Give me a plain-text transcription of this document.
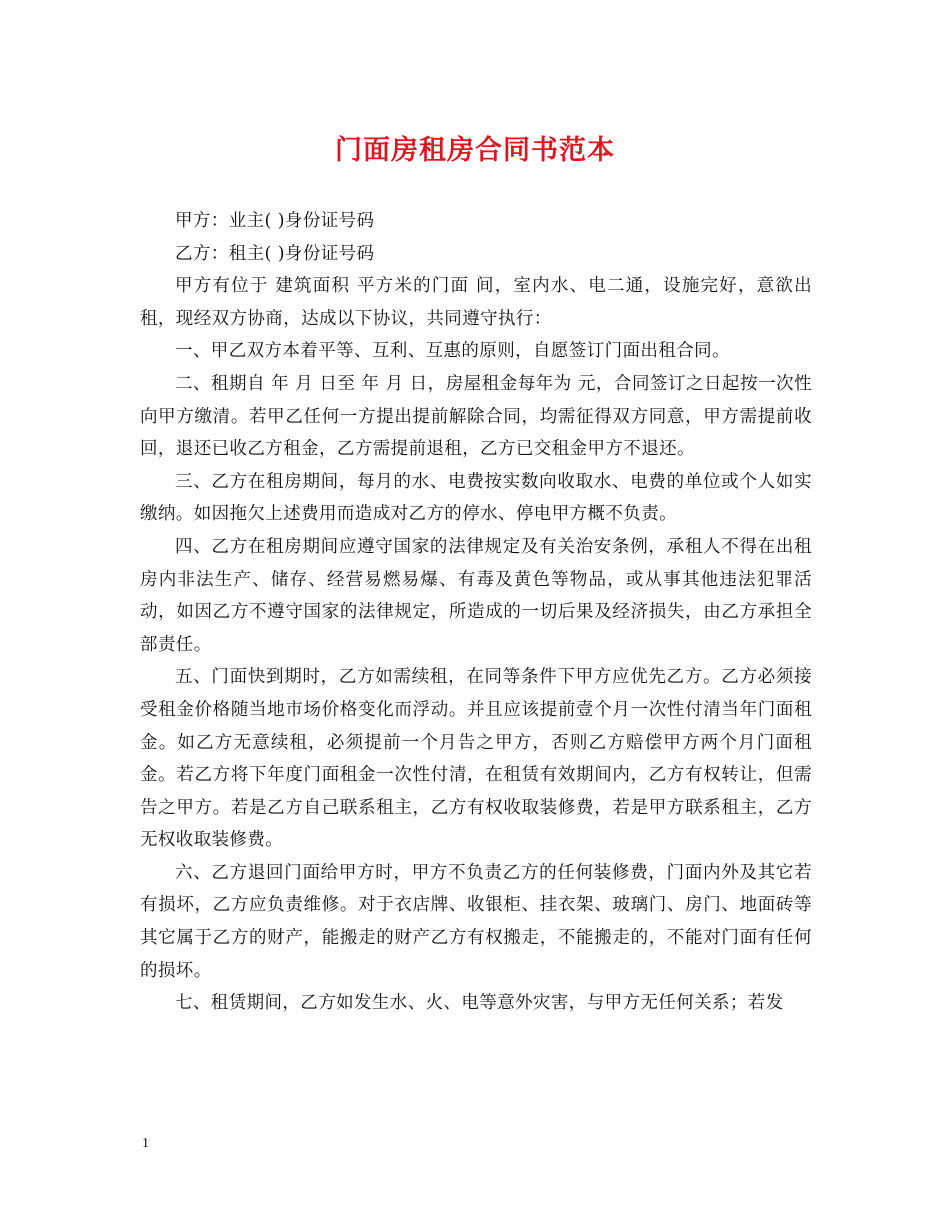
门面房租房合同书范本

甲方：业主( )身份证号码

乙方：租主( )身份证号码

甲方有位于 建筑面积 平方米的门面 间，室内水、电二通，设施完好，意欲出租，现经双方协商，达成以下协议，共同遵守执行：

一、甲乙双方本着平等、互利、互惠的原则，自愿签订门面出租合同。

二、租期自 年 月 日至 年 月 日，房屋租金每年为 元，合同签订之日起按一次性向甲方缴清。若甲乙任何一方提出提前解除合同，均需征得双方同意，甲方需提前收回，退还已收乙方租金，乙方需提前退租，乙方已交租金甲方不退还。

三、乙方在租房期间，每月的水、电费按实数向收取水、电费的单位或个人如实缴纳。如因拖欠上述费用而造成对乙方的停水、停电甲方概不负责。

四、乙方在租房期间应遵守国家的法律规定及有关治安条例，承租人不得在出租房内非法生产、储存、经营易燃易爆、有毒及黄色等物品，或从事其他违法犯罪活动，如因乙方不遵守国家的法律规定，所造成的一切后果及经济损失，由乙方承担全部责任。

五、门面快到期时，乙方如需续租，在同等条件下甲方应优先乙方。乙方必须接受租金价格随当地市场价格变化而浮动。并且应该提前壹个月一次性付清当年门面租金。如乙方无意续租，必须提前一个月告之甲方，否则乙方赔偿甲方两个月门面租金。若乙方将下年度门面租金一次性付清，在租赁有效期间内，乙方有权转让，但需告之甲方。若是乙方自己联系租主，乙方有权收取装修费，若是甲方联系租主，乙方无权收取装修费。

六、乙方退回门面给甲方时，甲方不负责乙方的任何装修费，门面内外及其它若有损坏，乙方应负责维修。对于衣店牌、收银柜、挂衣架、玻璃门、房门、地面砖等其它属于乙方的财产，能搬走的财产乙方有权搬走，不能搬走的，不能对门面有任何的损坏。

七、租赁期间，乙方如发生水、火、电等意外灾害，与甲方无任何关系；若发

1
